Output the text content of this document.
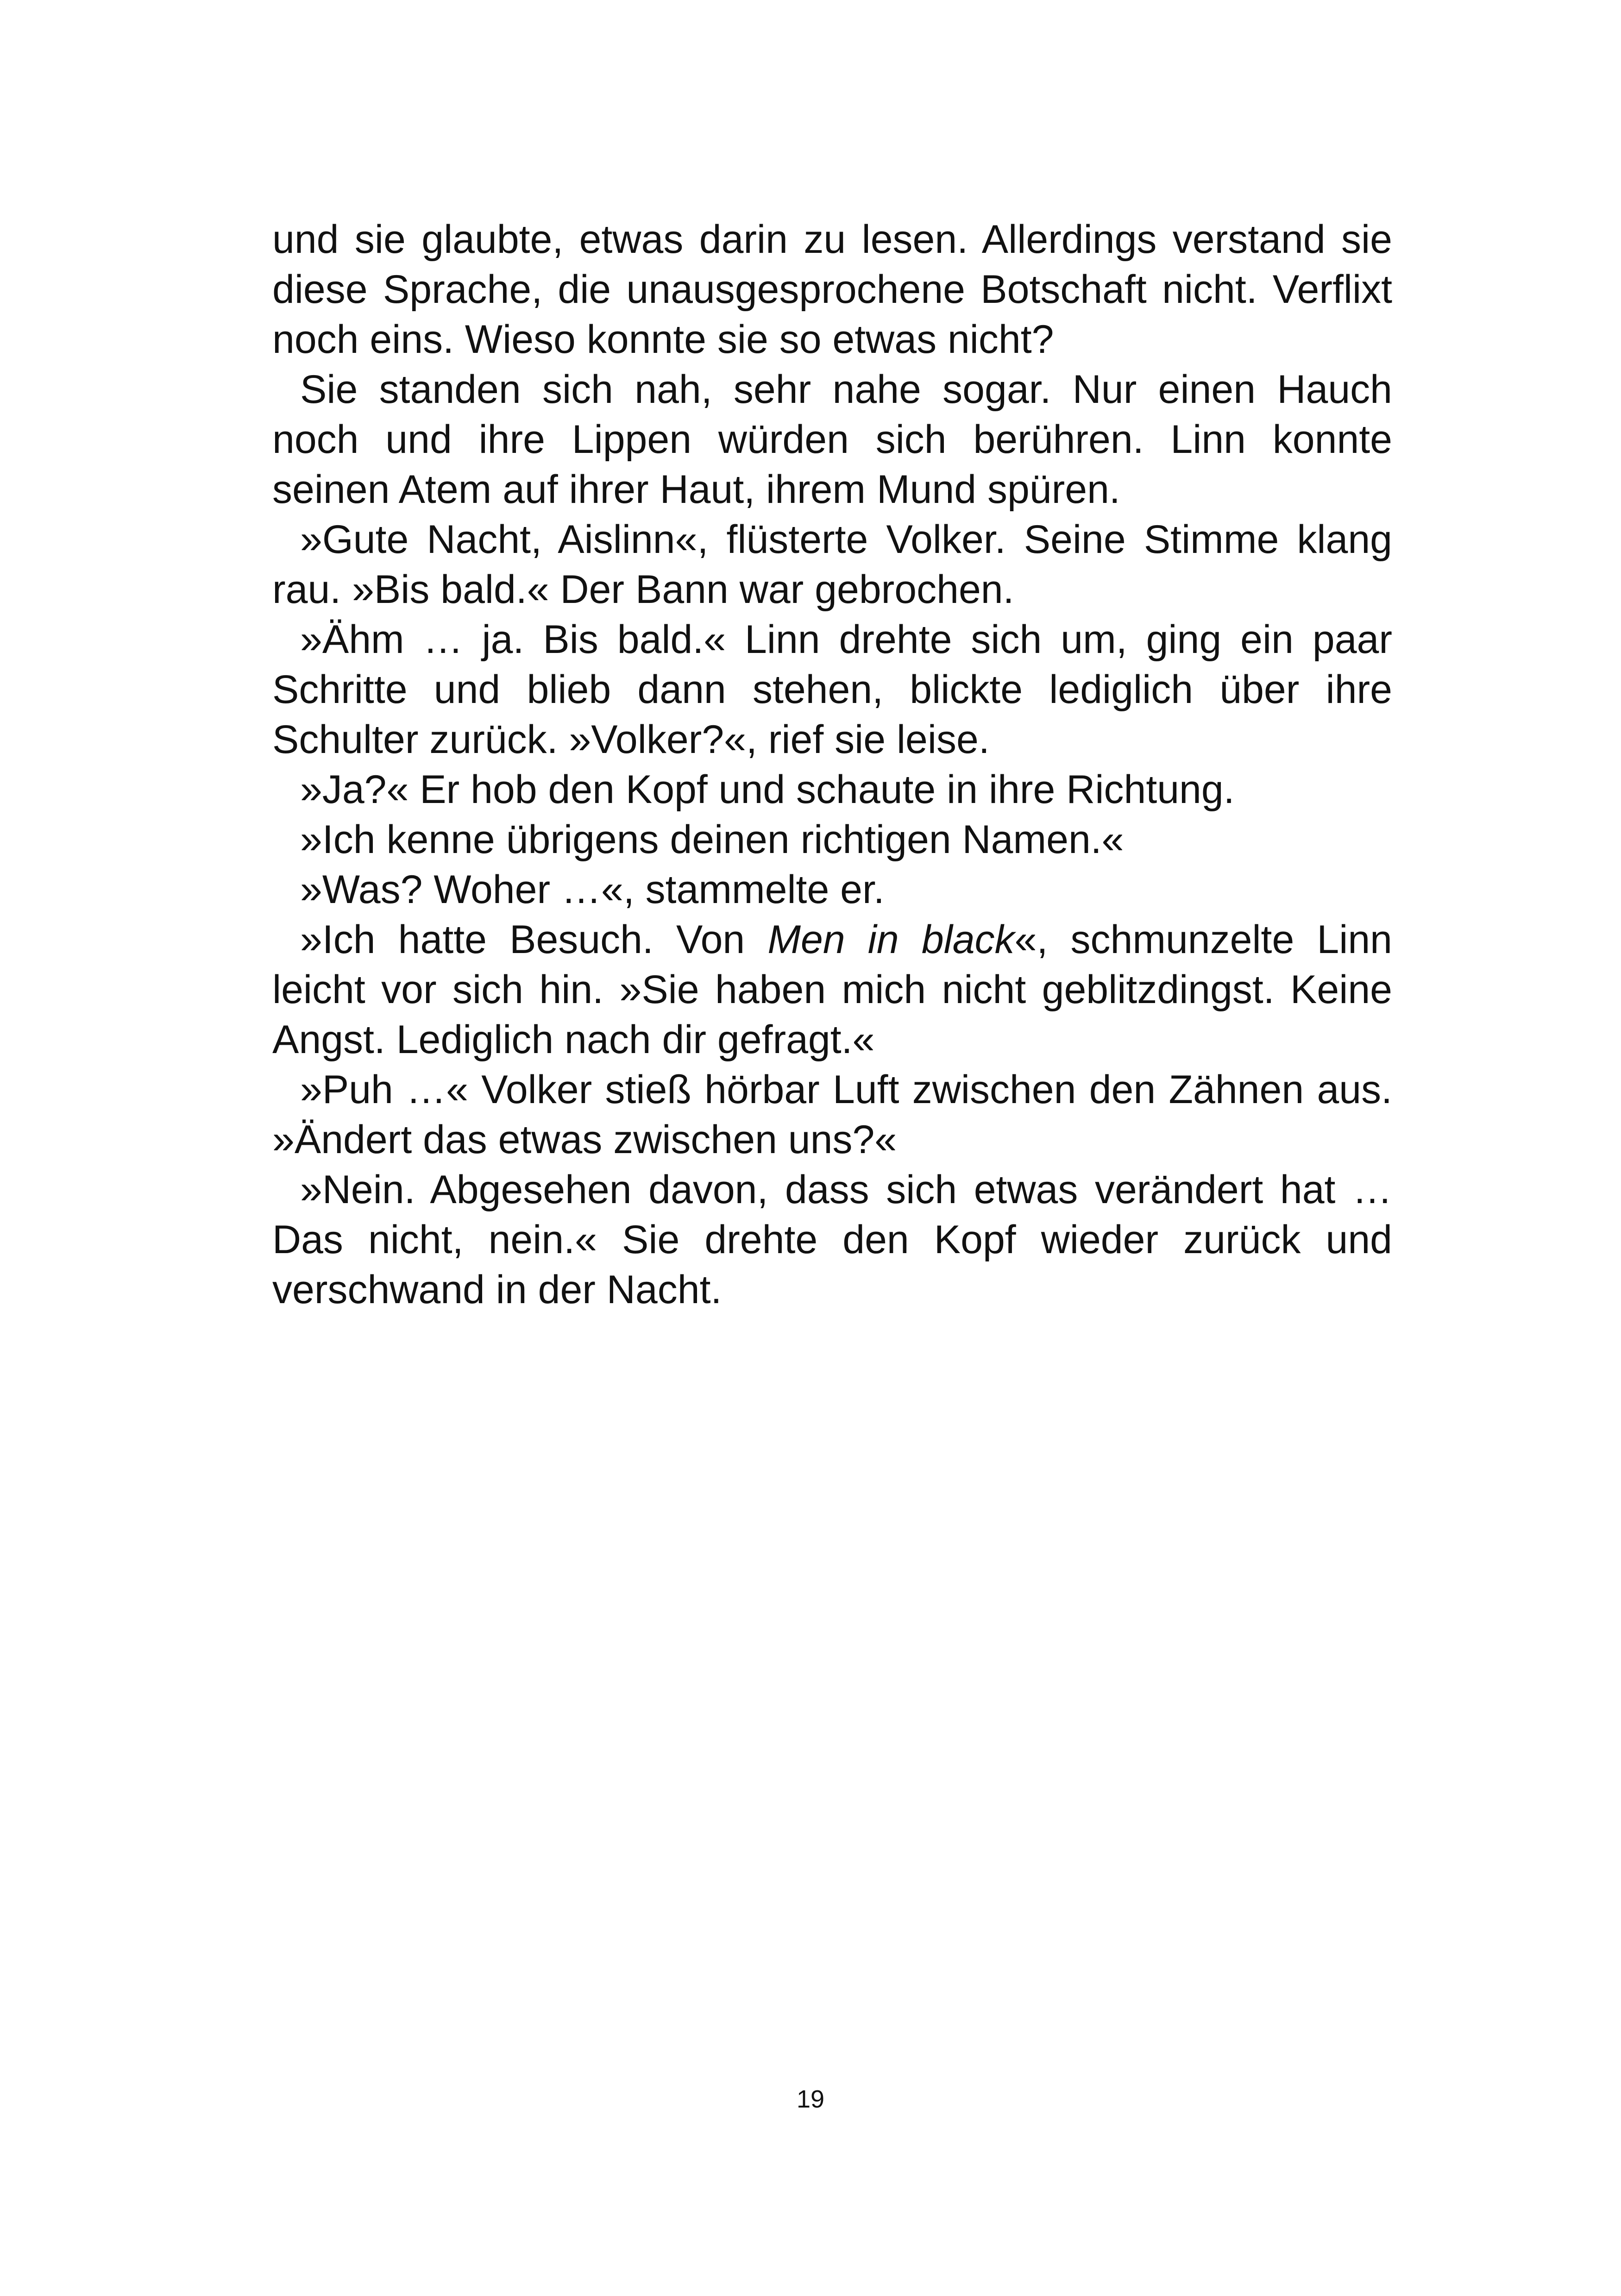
und sie glaubte, etwas darin zu lesen. Allerdings verstand sie diese Sprache, die unausgesprochene Botschaft nicht. Verflixt noch eins. Wieso konnte sie so etwas nicht?

Sie standen sich nah, sehr nahe sogar. Nur einen Hauch noch und ihre Lippen würden sich berühren. Linn konnte seinen Atem auf ihrer Haut, ihrem Mund spüren.

»Gute Nacht, Aislinn«, flüsterte Volker. Seine Stimme klang rau. »Bis bald.« Der Bann war gebrochen.

»Ähm … ja. Bis bald.« Linn drehte sich um, ging ein paar Schritte und blieb dann stehen, blickte lediglich über ihre Schulter zurück. »Volker?«, rief sie leise.

»Ja?« Er hob den Kopf und schaute in ihre Richtung.

»Ich kenne übrigens deinen richtigen Namen.«

»Was? Woher …«, stammelte er.

»Ich hatte Besuch. Von Men in black«, schmunzelte Linn leicht vor sich hin. »Sie haben mich nicht geblitzdingst. Keine Angst. Lediglich nach dir gefragt.«

»Puh …« Volker stieß hörbar Luft zwischen den Zähnen aus. »Ändert das etwas zwischen uns?«

»Nein. Abgesehen davon, dass sich etwas verändert hat … Das nicht, nein.« Sie drehte den Kopf wieder zurück und verschwand in der Nacht.

19
